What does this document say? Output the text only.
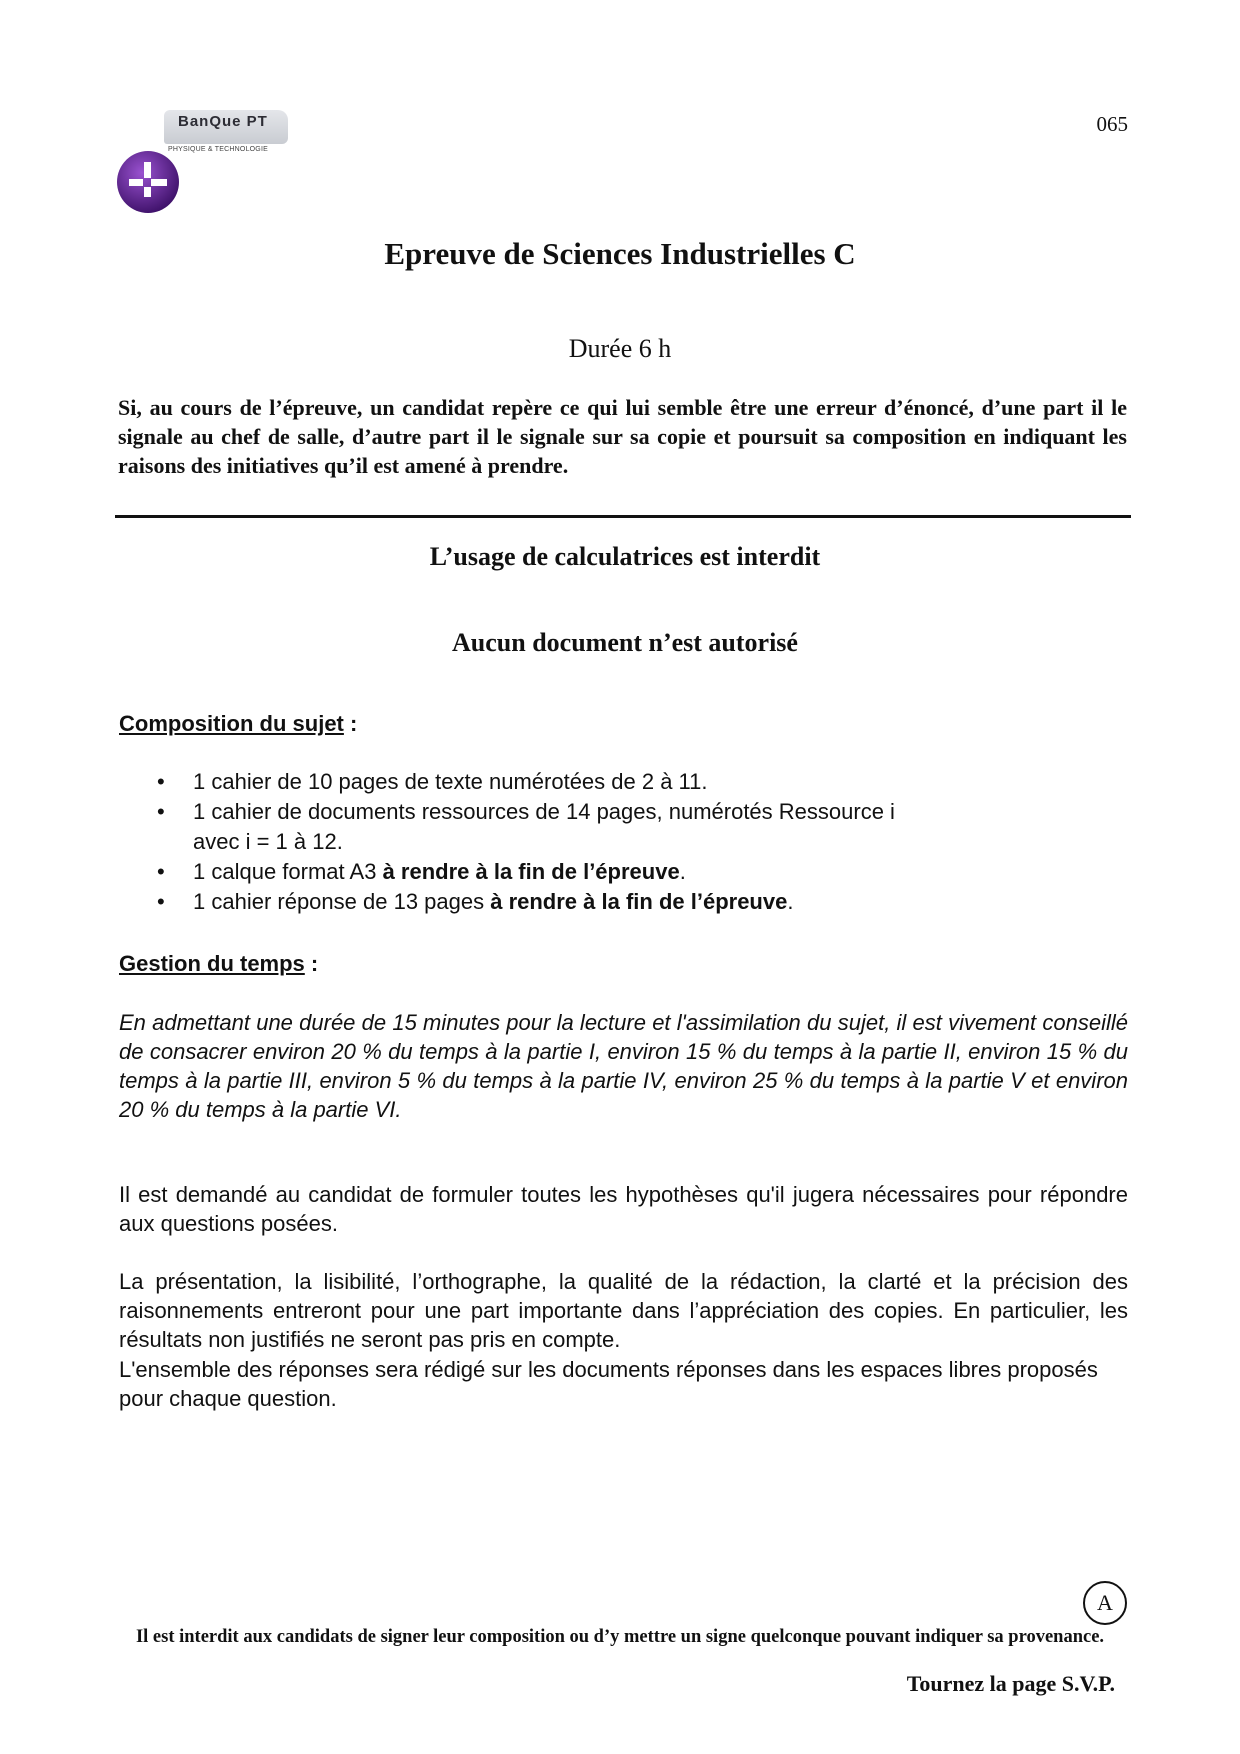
BanQue PT
PHYSIQUE & TECHNOLOGIE
065
Epreuve de Sciences Industrielles C
Durée 6 h

Si, au cours de l’épreuve, un candidat repère ce qui lui semble être une erreur d’énoncé, d’une part il le signale au chef de salle, d’autre part il le signale sur sa copie et poursuit sa composition en indiquant les raisons des initiatives qu’il est amené à prendre.

L’usage de calculatrices est interdit
Aucun document n’est autorisé
Composition du sujet :
• 1 cahier de 10 pages de texte numérotées de 2 à 11.
• 1 cahier de documents ressources de 14 pages, numérotés Ressource i avec i = 1 à 12.
• 1 calque format A3 à rendre à la fin de l’épreuve.
• 1 cahier réponse de 13 pages à rendre à la fin de l’épreuve.
Gestion du temps :

En admettant une durée de 15 minutes pour la lecture et l'assimilation du sujet, il est vivement conseillé de consacrer environ 20 % du temps à la partie I, environ 15 % du temps à la partie II, environ 15 % du temps à la partie III, environ 5 % du temps à la partie IV, environ 25 % du temps à la partie V et environ 20 % du temps à la partie VI.

Il est demandé au candidat de formuler toutes les hypothèses qu'il jugera nécessaires pour répondre aux questions posées.

La présentation, la lisibilité, l’orthographe, la qualité de la rédaction, la clarté et la précision des raisonnements entreront pour une part importante dans l’appréciation des copies. En particulier, les résultats non justifiés ne seront pas pris en compte.

L'ensemble des réponses sera rédigé sur les documents réponses dans les espaces libres proposés pour chaque question.

A
Il est interdit aux candidats de signer leur composition ou d’y mettre un signe quelconque pouvant indiquer sa provenance.
Tournez la page S.V.P.
